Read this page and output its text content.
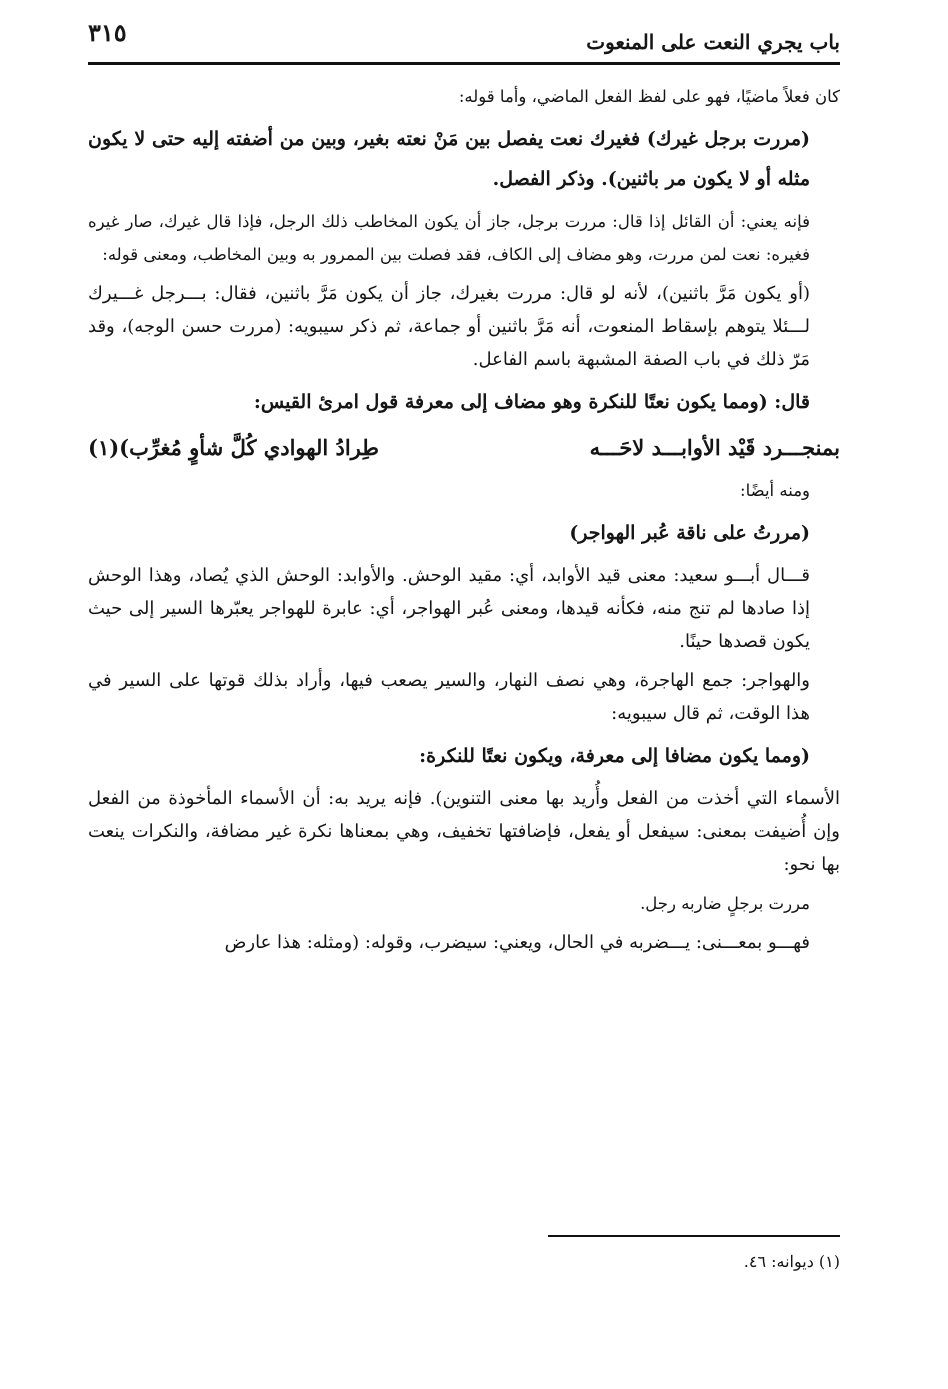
باب يجري النعت على المنعوت
٣١٥

كان فعلاً ماضيًا، فهو على لفظ الفعل الماضي، وأما قوله:

(مررت برجل غيرك) فغيرك نعت يفصل بين مَنْ نعته بغير، وبين من أضفته إليه حتى لا يكون مثله أو لا يكون مر باثنين). وذكر الفصل.

فإنه يعني: أن القائل إذا قال: مررت برجل، جاز أن يكون المخاطب ذلك الرجل، فإذا قال غيرك، صار غيره فغيره: نعت لمن مررت، وهو مضاف إلى الكاف، فقد فصلت بين الممرور به وبين المخاطب، ومعنى قوله:

(أو يكون مَرَّ باثنين)، لأنه لو قال: مررت بغيرك، جاز أن يكون مَرَّ باثنين، فقال: بـــرجل غـــيرك لـــئلا يتوهم بإسقاط المنعوت، أنه مَرَّ باثنين أو جماعة، ثم ذكر سيبويه: (مررت حسن الوجه)، وقد مَرّ ذلك في باب الصفة المشبهة باسم الفاعل.

قال: (ومما يكون نعتًا للنكرة وهو مضاف إلى معرفة قول امرئ القيس:

بمنجـــرد قَيْد الأوابـــد لاحَـــه
طِرادُ الهوادي كُلَّ شأوٍ مُغرِّب)(١)

ومنه أيضًا:

(مررتُ على ناقة عُبر الهواجر)

قـــال أبـــو سعيد: معنى قيد الأوابد، أي: مقيد الوحش. والأوابد: الوحش الذي يُصاد، وهذا الوحش إذا صادها لم تنج منه، فكأنه قيدها، ومعنى عُبر الهواجر، أي: عابرة للهواجر يعبّرها السير إلى حيث يكون قصدها حينًا.

والهواجر: جمع الهاجرة، وهي نصف النهار، والسير يصعب فيها، وأراد بذلك قوتها على السير في هذا الوقت، ثم قال سيبويه:

(ومما يكون مضافا إلى معرفة، ويكون نعتًا للنكرة:

الأسماء التي أخذت من الفعل وأُريد بها معنى التنوين). فإنه يريد به: أن الأسماء المأخوذة من الفعل وإن أُضيفت بمعنى: سيفعل أو يفعل، فإضافتها تخفيف، وهي بمعناها نكرة غير مضافة، والنكرات ينعت بها نحو:

مررت برجلٍ ضاربه رجل.

فهـــو بمعـــنى: يـــضربه في الحال، ويعني: سيضرب، وقوله: (ومثله: هذا عارض

(١) ديوانه: ٤٦.
